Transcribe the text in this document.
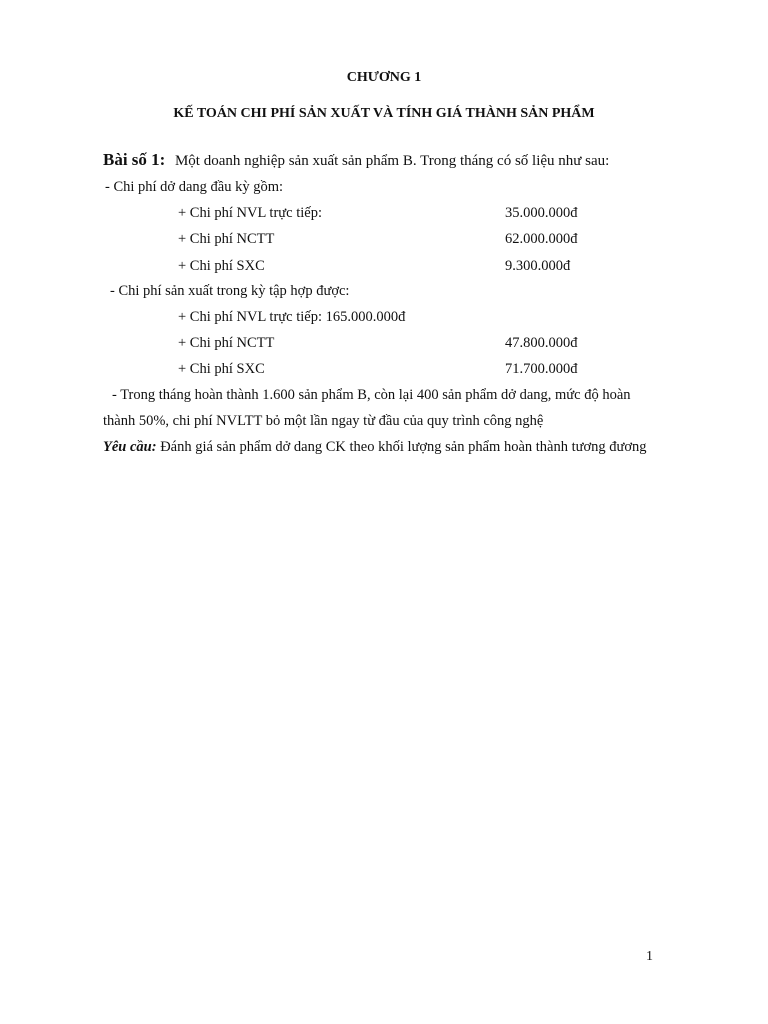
CHƯƠNG 1
KẾ TOÁN CHI PHÍ SẢN XUẤT VÀ TÍNH GIÁ THÀNH SẢN PHẨM
Bài số 1: Một doanh nghiệp sản xuất sản phẩm B. Trong tháng có số liệu như sau:
- Chi phí dở dang đầu kỳ gồm:
+ Chi phí NVL trực tiếp:	35.000.000đ
+ Chi phí NCTT	62.000.000đ
+ Chi phí SXC	9.300.000đ
- Chi phí sản xuất trong kỳ tập hợp được:
+ Chi phí NVL trực tiếp: 165.000.000đ
+ Chi phí NCTT	47.800.000đ
+ Chi phí SXC	71.700.000đ
- Trong tháng hoàn thành 1.600 sản phẩm B, còn lại 400 sản phẩm dở dang, mức độ hoàn
thành 50%, chi phí NVLTT bỏ một lần ngay từ đầu của quy trình công nghệ
Yêu cầu: Đánh giá sản phẩm dở dang CK theo khối lượng sản phẩm hoàn thành tương đương
1
